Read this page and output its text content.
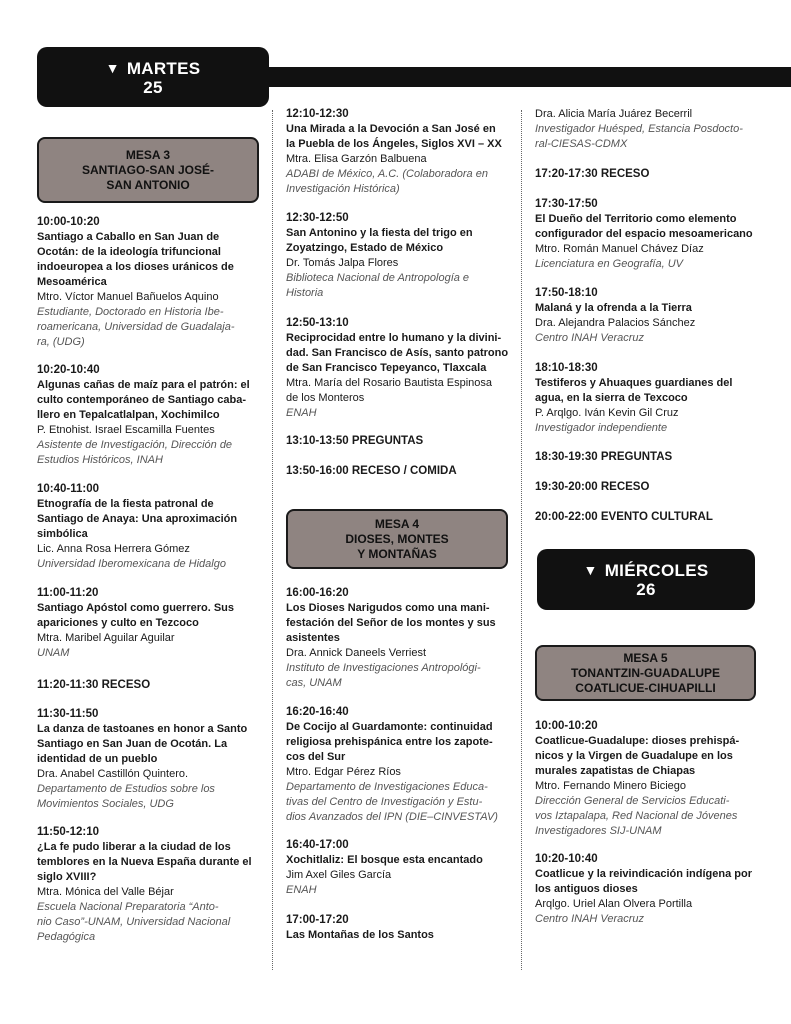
▼ MARTES
25
MESA 3
SANTIAGO-SAN JOSÉ-
SAN ANTONIO
10:00-10:20
Santiago a Caballo en San Juan de
Ocotán: de la ideología trifuncional
indoeuropea a los dioses uránicos de
Mesoamérica
Mtro. Víctor Manuel Bañuelos Aquino
Estudiante, Doctorado en Historia Ibe-
roamericana, Universidad de Guadalaja-
ra, (UDG)
10:20-10:40
Algunas cañas de maíz para el patrón: el
culto contemporáneo de Santiago caba-
llero en Tepalcatlalpan, Xochimilco
P. Etnohist. Israel Escamilla Fuentes
Asistente de Investigación, Dirección de
Estudios Históricos, INAH
10:40-11:00
Etnografía de la fiesta patronal de
Santiago de Anaya: Una aproximación
simbólica
Lic. Anna Rosa Herrera Gómez
Universidad Iberomexicana de Hidalgo
11:00-11:20
Santiago Apóstol como guerrero. Sus
apariciones y culto en Tezcoco
Mtra. Maribel Aguilar Aguilar
UNAM
11:20-11:30 RECESO
11:30-11:50
La danza de tastoanes en honor a Santo
Santiago en San Juan de Ocotán. La
identidad de un pueblo
Dra. Anabel Castillón Quintero.
Departamento de Estudios sobre los
Movimientos Sociales, UDG
11:50-12:10
¿La fe pudo liberar a la ciudad de los
temblores en la Nueva España durante el
siglo XVIII?
Mtra. Mónica del Valle Béjar
Escuela Nacional Preparatoria “Anto-
nio Caso”-UNAM, Universidad Nacional
Pedagógica
12:10-12:30
Una Mirada a la Devoción a San José en
la Puebla de los Ángeles, Siglos XVI – XX
Mtra. Elisa Garzón Balbuena
ADABI de México, A.C. (Colaboradora en
Investigación Histórica)
12:30-12:50
San Antonino y la fiesta del trigo en
Zoyatzingo, Estado de México
Dr. Tomás Jalpa Flores
Biblioteca Nacional de Antropología e
Historia
12:50-13:10
Reciprocidad entre lo humano y la divini-
dad. San Francisco de Asís, santo patrono
de San Francisco Tepeyanco, Tlaxcala
Mtra. María del Rosario Bautista Espinosa
de los Monteros
ENAH
13:10-13:50 PREGUNTAS
13:50-16:00 RECESO / COMIDA
MESA 4
DIOSES, MONTES
Y MONTAÑAS
16:00-16:20
Los Dioses Narigudos como una mani-
festación del Señor de los montes y sus
asistentes
Dra. Annick Daneels Verriest
Instituto de Investigaciones Antropológi-
cas, UNAM
16:20-16:40
De Cocijo al Guardamonte: continuidad
religiosa prehispánica entre los zapote-
cos del Sur
Mtro. Edgar Pérez Ríos
Departamento de Investigaciones Educa-
tivas del Centro de Investigación y Estu-
dios Avanzados del IPN (DIE–CINVESTAV)
16:40-17:00
Xochitlaliz: El bosque esta encantado
Jim Axel Giles García
ENAH
17:00-17:20
Las Montañas de los Santos
Dra. Alicia María Juárez Becerril
Investigador Huésped, Estancia Posdocto-
ral-CIESAS-CDMX
17:20-17:30 RECESO
17:30-17:50
El Dueño del Territorio como elemento
configurador del espacio mesoamericano
Mtro. Román Manuel Chávez Díaz
Licenciatura en Geografía, UV
17:50-18:10
Malaná y la ofrenda a la Tierra
Dra. Alejandra Palacios Sánchez
Centro INAH Veracruz
18:10-18:30
Testiferos y Ahuaques guardianes del
agua, en la sierra de Texcoco
P. Arqlgo. Iván Kevin Gil Cruz
Investigador independiente
18:30-19:30 PREGUNTAS
19:30-20:00 RECESO
20:00-22:00 EVENTO CULTURAL
MESA 5
TONANTZIN-GUADALUPE
COATLICUE-CIHUAPILLI
10:00-10:20
Coatlicue-Guadalupe: dioses prehispá-
nicos y la Virgen de Guadalupe en los
murales zapatistas de Chiapas
Mtro. Fernando Minero Biciego
Dirección General de Servicios Educati-
vos Iztapalapa, Red Nacional de Jóvenes
Investigadores SIJ-UNAM
10:20-10:40
Coatlicue y la reivindicación indígena por
los antiguos dioses
Arqlgo. Uriel Alan Olvera Portilla
Centro INAH Veracruz
▼ MIÉRCOLES
26
